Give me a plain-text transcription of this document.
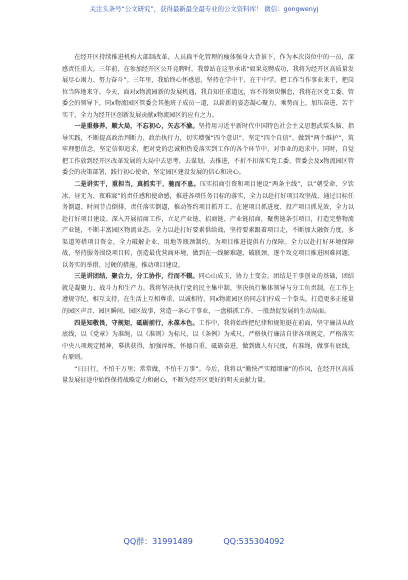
关注头条号“公文研究”，获得最新最全最专业的公文资料库！ 微信：gongwenyj

在经开区持续推进机构大部制改革、人员扁平化管理的瘦体强身大背景下，作为本次岗位中的一员，深感责任重大。三年前，在参加经开区公开竞聘时，我曾站在这里承诺“如果竞聘成功，我将为经开区高质量发展尽心竭力、努力奋斗”。三年里，我始终心怀感恩，坚持在学中干、在干中学，把工作当作事业来干，把岗位当阵地来守。今天，面对x物流园新的发展机遇，我自知任重道远，容不得须臾懈怠，我将在区党工委、管委会的领导下，同x物流园区管委会其他班子成员一道，以崭新的姿态凝心聚力、乘势而上，加压奋进、苦干实干，全力为经开区创新发展贡献x物流园区的应有之力。

一是重修养，顺大局，不忘初心，矢志不渝。坚持用习近平新时代中国特色社会主义思想武装头脑、指导实践，不断提高政治判断力、政治执行力，切实增强“四个意识”、坚定“四个自信”、做到“两个维护”，筑牢理想信念，坚定信仰追求，把对党的忠诚和热爱落实到工作的各个环节中，对事业的追求中。同时，自觉把工作放到经开区改革发展的大局中去思考、去谋划、去推进，不折不扣落实党工委、管委会及x物流园区管委会的决策部署，践行初心使命，坚定园区建设发展的信心和决心。

二是讲实干，重担当，真抓实干，驰而不息。压实招商引资和项目建设“两条主线”，以“朝受命、夕饮冰，昼无为、夜难寐”的责任感和使命感，推进各项任务目标的落实，全力以赴打好项目攻坚战，通过目标任务倒逼、时间节点倒排，责任落实倒逼，推动签约项目抓开工、在建项目抓进度、投产项目抓见效，全力以赴打好项目建设。深入开展招商工作，立足产业链、招商链、产业链招商，聚焦链条引项目，打造完整物流产业链，不断丰富园区物流业态。全力以赴打好要素供给战，坚持要素跟着项目走，不断加大融资力度，多渠道筹措项目资金，全力破解企业、用地等瓶颈制约，为项目推进提供有力保障。全力以赴打好环境保障战，坚持服务围绕项目转，创造最优营商环境，做到在一线解难题、破瓶颈，逐个攻克项目推进困难问题，以务实的举措、过硬的措施，推动项目建设。

三是讲团结，聚合力，分工协作，行而不辍。同心山成玉，协力土变金。团结是干事创业的基础，团结就是凝聚力、战斗力和生产力。我将坚决执行党的民主集中制，坚决执行集体领导与分工负责制，在工作上遵规守纪、相互支持，在生活上互相尊重、以诚相待，同x物流园区的同志们拧成一个拳头，打造更多正能量的园区声音、园区瞬间、园区故事，营造一条心干事业、一盘棋抓工作、一股劲促发展的生动局面。

四是知敬畏，守规矩，砥砺前行，永葆本色。工作中，我将始终把纪律和规矩挺在前面，坚守廉洁从政底线，以《党章》为准绳，以《准则》为标尺，以《条例》为戒尺，严格执行廉洁自律各项规定，严格落实中央八项规定精神，摹拱获得，加强淬炼，怀德自重，砥砺奋进，做到做人有尺度，有准绳，做事有底线，有原则。

“日日行，不怕千万里；常常做，不怕千万事”。今后，我将以“勤快严实精细廉”的作风，在经开区高质量发展征途中始终保持战略定力和耐心，不断为经开区更好的明天贡献力量。

QQ群：31991489	QQ:535304092
